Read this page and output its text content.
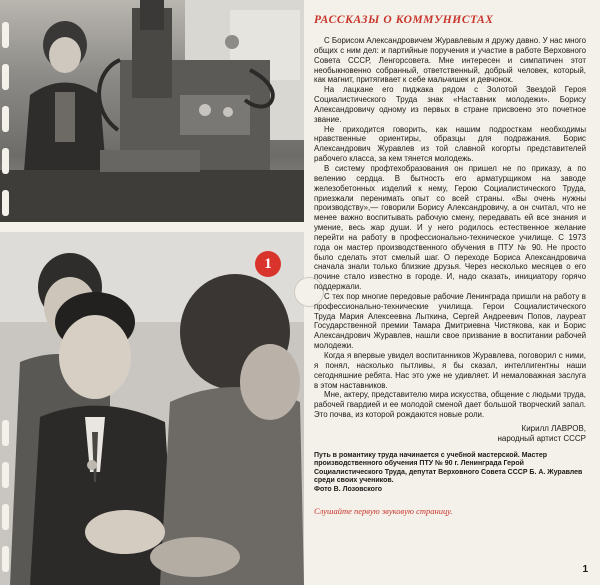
1
РАССКАЗЫ О КОММУНИСТАХ

С Борисом Александровичем Журавлевым я дружу давно. У нас много общих с ним дел: и партийные поручения и участие в работе Верховного Совета СССР, Ленгорсовета. Мне интересен и симпатичен этот необыкновенно собранный, ответственный, добрый человек, который, как магнит, притягивает к себе мальчишек и девчонок.

На лацкане его пиджака рядом с Золотой Звездой Героя Социалистического Труда знак «Наставник молодежи». Борису Александровичу одному из первых в стране присвоено это почетное звание.

Не приходится говорить, как нашим подросткам необходимы нравственные ориентиры, образцы для подражания. Борис Александрович Журавлев из той славной когорты представителей рабочего класса, за кем тянется молодежь.

В систему профтехобразования он пришел не по приказу, а по велению сердца. В бытность его арматурщиком на заводе железобетонных изделий к нему, Герою Социалистического Труда, приезжали перенимать опыт со всей страны. «Вы очень нужны производству»,— говорили Борису Александровичу, а он считал, что не менее важно воспитывать рабочую смену, передавать ей все знания и умение, весь жар души. И у него родилось естественное желание перейти на работу в профессионально-техническое училище. С 1973 года он мастер производственного обучения в ПТУ № 90. Не просто было сделать этот смелый шаг. О переходе Бориса Александровича сначала знали только близкие друзья. Через несколько месяцев о его почине стало известно в городе. И, надо сказать, инициатору горячо поддержали.

С тех пор многие передовые рабочие Ленинграда пришли на работу в профессионально-технические училища. Герои Социалистического Труда Мария Алексеевна Лыткина, Сергей Андреевич Попов, лауреат Государственной премии Тамара Дмитриевна Чистякова, как и Борис Александрович Журавлев, нашли свое призвание в воспитании рабочей молодежи.

Когда я впервые увидел воспитанников Журавлева, поговорил с ними, я понял, насколько пытливы, я бы сказал, интеллигентны наши сегодняшние ребята. Нас это уже не удивляет. И немаловажная заслуга в этом наставников.

Мне, актеру, представителю мира искусства, общение с людьми труда, рабочей гвардией и ее молодой сменой дает большой творческий запал. Это почва, из которой рождаются новые роли.

Кирилл ЛАВРОВ,
народный артист СССР
Путь в романтику труда начинается с учебной мастерской. Мастер производственного обучения ПТУ № 90 г. Ленинграда Герой Социалистического Труда, депутат Верховного Совета СССР Б. А. Журавлев среди своих учеников.
Фото В. Лозовского
Слушайте первую звуковую страницу.
1
